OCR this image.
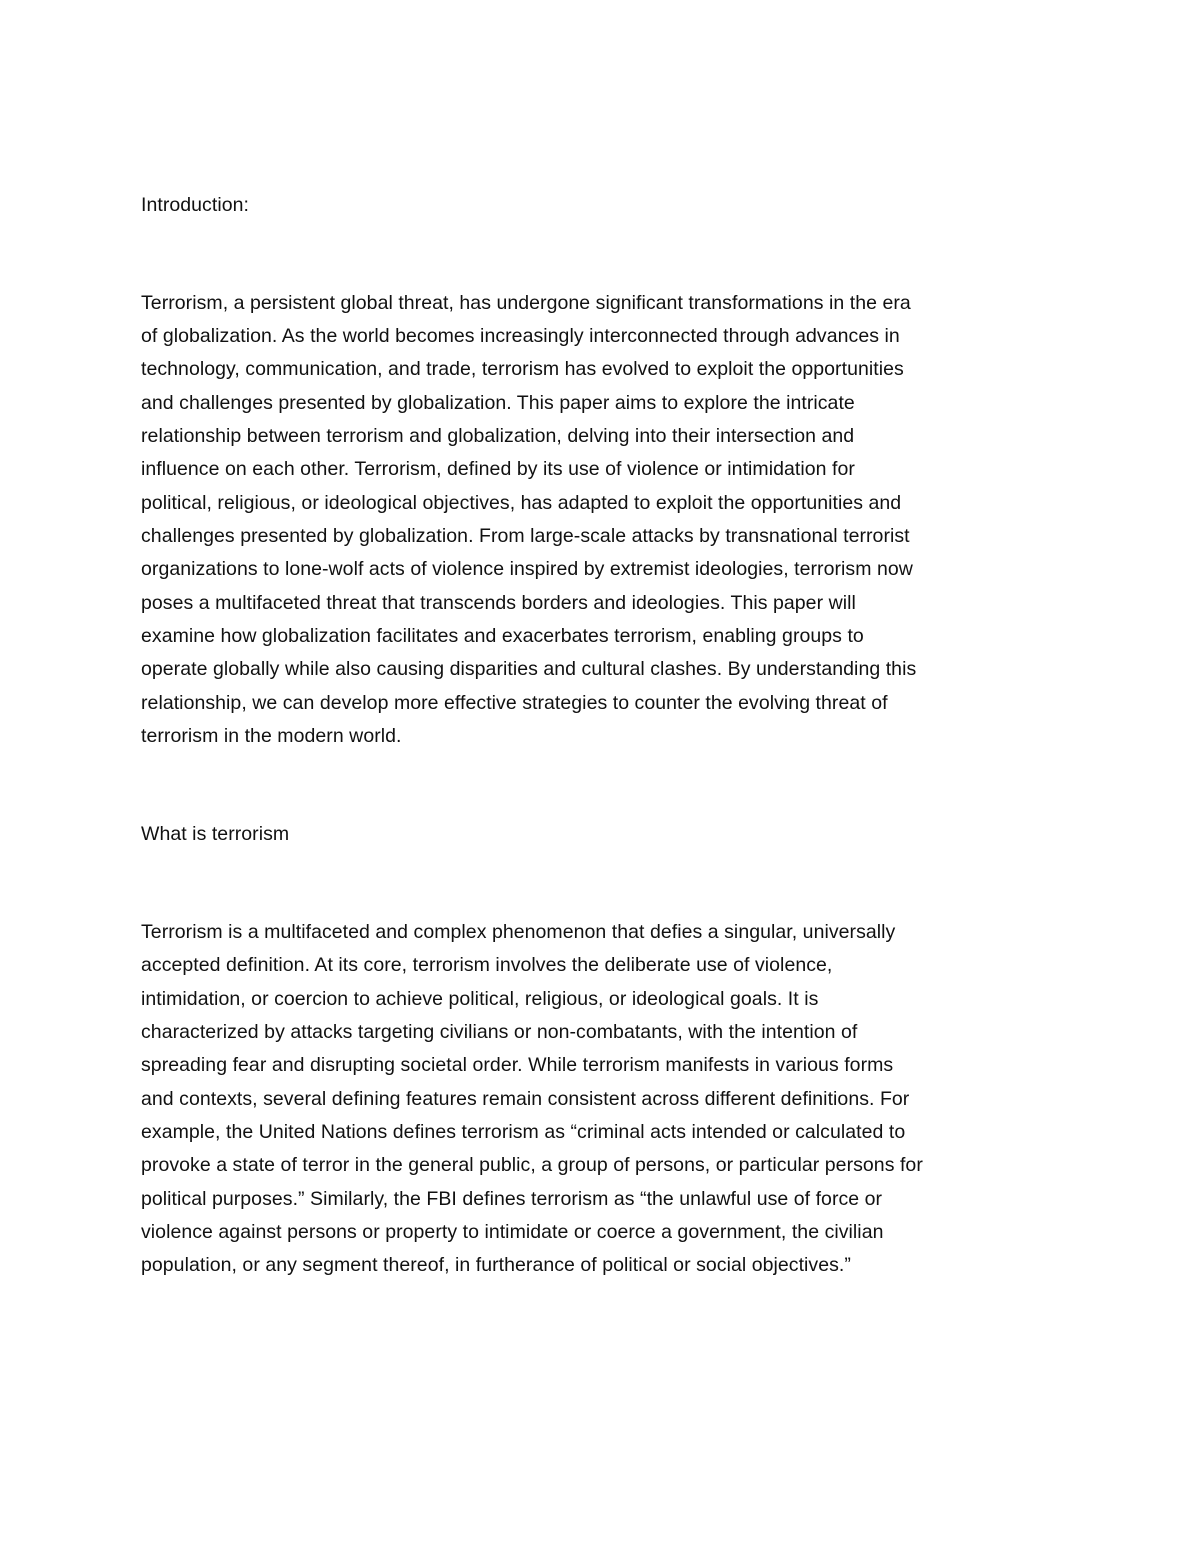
Introduction:

Terrorism, a persistent global threat, has undergone significant transformations in the era

of globalization. As the world becomes increasingly interconnected through advances in

technology, communication, and trade, terrorism has evolved to exploit the opportunities

and challenges presented by globalization. This paper aims to explore the intricate

relationship between terrorism and globalization, delving into their intersection and

influence on each other. Terrorism, defined by its use of violence or intimidation for

political, religious, or ideological objectives, has adapted to exploit the opportunities and

challenges presented by globalization. From large-scale attacks by transnational terrorist

organizations to lone-wolf acts of violence inspired by extremist ideologies, terrorism now

poses a multifaceted threat that transcends borders and ideologies. This paper will

examine how globalization facilitates and exacerbates terrorism, enabling groups to

operate globally while also causing disparities and cultural clashes. By understanding this

relationship, we can develop more effective strategies to counter the evolving threat of

terrorism in the modern world.

What is terrorism

Terrorism is a multifaceted and complex phenomenon that defies a singular, universally

accepted definition. At its core, terrorism involves the deliberate use of violence,

intimidation, or coercion to achieve political, religious, or ideological goals. It is

characterized by attacks targeting civilians or non-combatants, with the intention of

spreading fear and disrupting societal order. While terrorism manifests in various forms

and contexts, several defining features remain consistent across different definitions. For

example, the United Nations defines terrorism as “criminal acts intended or calculated to

provoke a state of terror in the general public, a group of persons, or particular persons for

political purposes.” Similarly, the FBI defines terrorism as “the unlawful use of force or

violence against persons or property to intimidate or coerce a government, the civilian

population, or any segment thereof, in furtherance of political or social objectives.”
